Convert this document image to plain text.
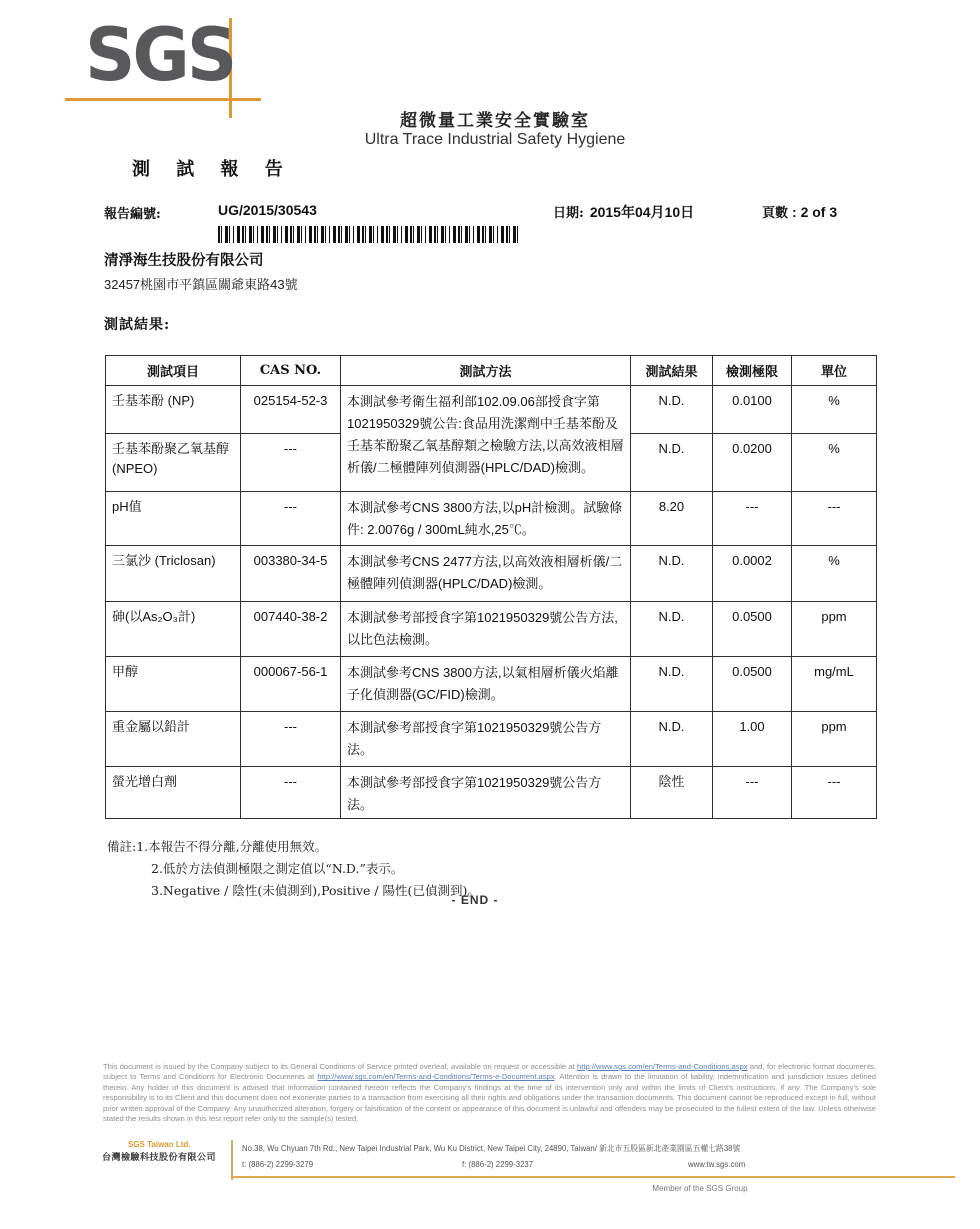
SGS
超微量工業安全實驗室
Ultra Trace Industrial Safety Hygiene
測 試 報 告
報告編號:	UG/2015/30543	日期: 2015年04月10日	頁數 : 2 of 3
清淨海生技股份有限公司
32457桃園市平鎮區關爺東路43號
測試結果:
測試項目	CAS NO.	測試方法	測試結果	檢測極限	單位
壬基苯酚 (NP)	025154-52-3	本測試參考衛生福利部102.09.06部授食字第1021950329號公告:食品用洗潔劑中壬基苯酚及壬基苯酚聚乙氧基醇類之檢驗方法,以高效液相層析儀/二極體陣列偵測器(HPLC/DAD)檢測。	N.D.	0.0100	%
壬基苯酚聚乙氧基醇(NPEO)	---		N.D.	0.0200	%
pH值	---	本測試參考CNS 3800方法,以pH計檢測。試驗條件: 2.0076g / 300mL純水,25℃。	8.20	---	---
三氯沙 (Triclosan)	003380-34-5	本測試參考CNS 2477方法,以高效液相層析儀/二極體陣列偵測器(HPLC/DAD)檢測。	N.D.	0.0002	%
砷(以As₂O₃計)	007440-38-2	本測試參考部授食字第1021950329號公告方法,以比色法檢測。	N.D.	0.0500	ppm
甲醇	000067-56-1	本測試參考CNS 3800方法,以氣相層析儀火焰離子化偵測器(GC/FID)檢測。	N.D.	0.0500	mg/mL
重金屬以鉛計	---	本測試參考部授食字第1021950329號公告方法。	N.D.	1.00	ppm
螢光增白劑	---	本測試參考部授食字第1021950329號公告方法。	陰性	---	---
備註:1.本報告不得分離,分離使用無效。
2.低於方法偵測極限之測定值以“N.D.”表示。
3.Negative / 陰性(未偵測到),Positive / 陽性(已偵測到)。
- END -
This document is issued by the Company subject to its General Conditions of Service printed overleaf, available on request or accessible at http://www.sgs.com/en/Terms-and-Conditions.aspx and, for electronic format documents, subject to Terms and Conditions for Electronic Documents at http://www.sgs.com/en/Terms-and-Conditions/Terms-e-Document.aspx. Attention is drawn to the limitation of liability, indemnification and jurisdiction issues defined therein. Any holder of this document is advised that information contained hereon reflects the Company's findings at the time of its intervention only and within the limits of Client's instructions, if any. The Company's sole responsibility is to its Client and this document does not exonerate parties to a transaction from exercising all their rights and obligations under the transaction documents. This document cannot be reproduced except in full, without prior written approval of the Company. Any unauthorized alteration, forgery or falsification of the content or appearance of this document is unlawful and offenders may be prosecuted to the fullest extent of the law. Unless otherwise stated the results shown in this test report refer only to the sample(s) tested.
SGS Taiwan Ltd.
台灣檢驗科技股份有限公司
No.38, Wu Chyuan 7th Rd., New Taipei Industrial Park, Wu Ku District, New Taipei City, 24890, Taiwan/ 新北市五股區新北產業園區五權七路38號
t: (886-2) 2299-3279	f: (886-2) 2299-3237	www.tw.sgs.com
Member of the SGS Group
